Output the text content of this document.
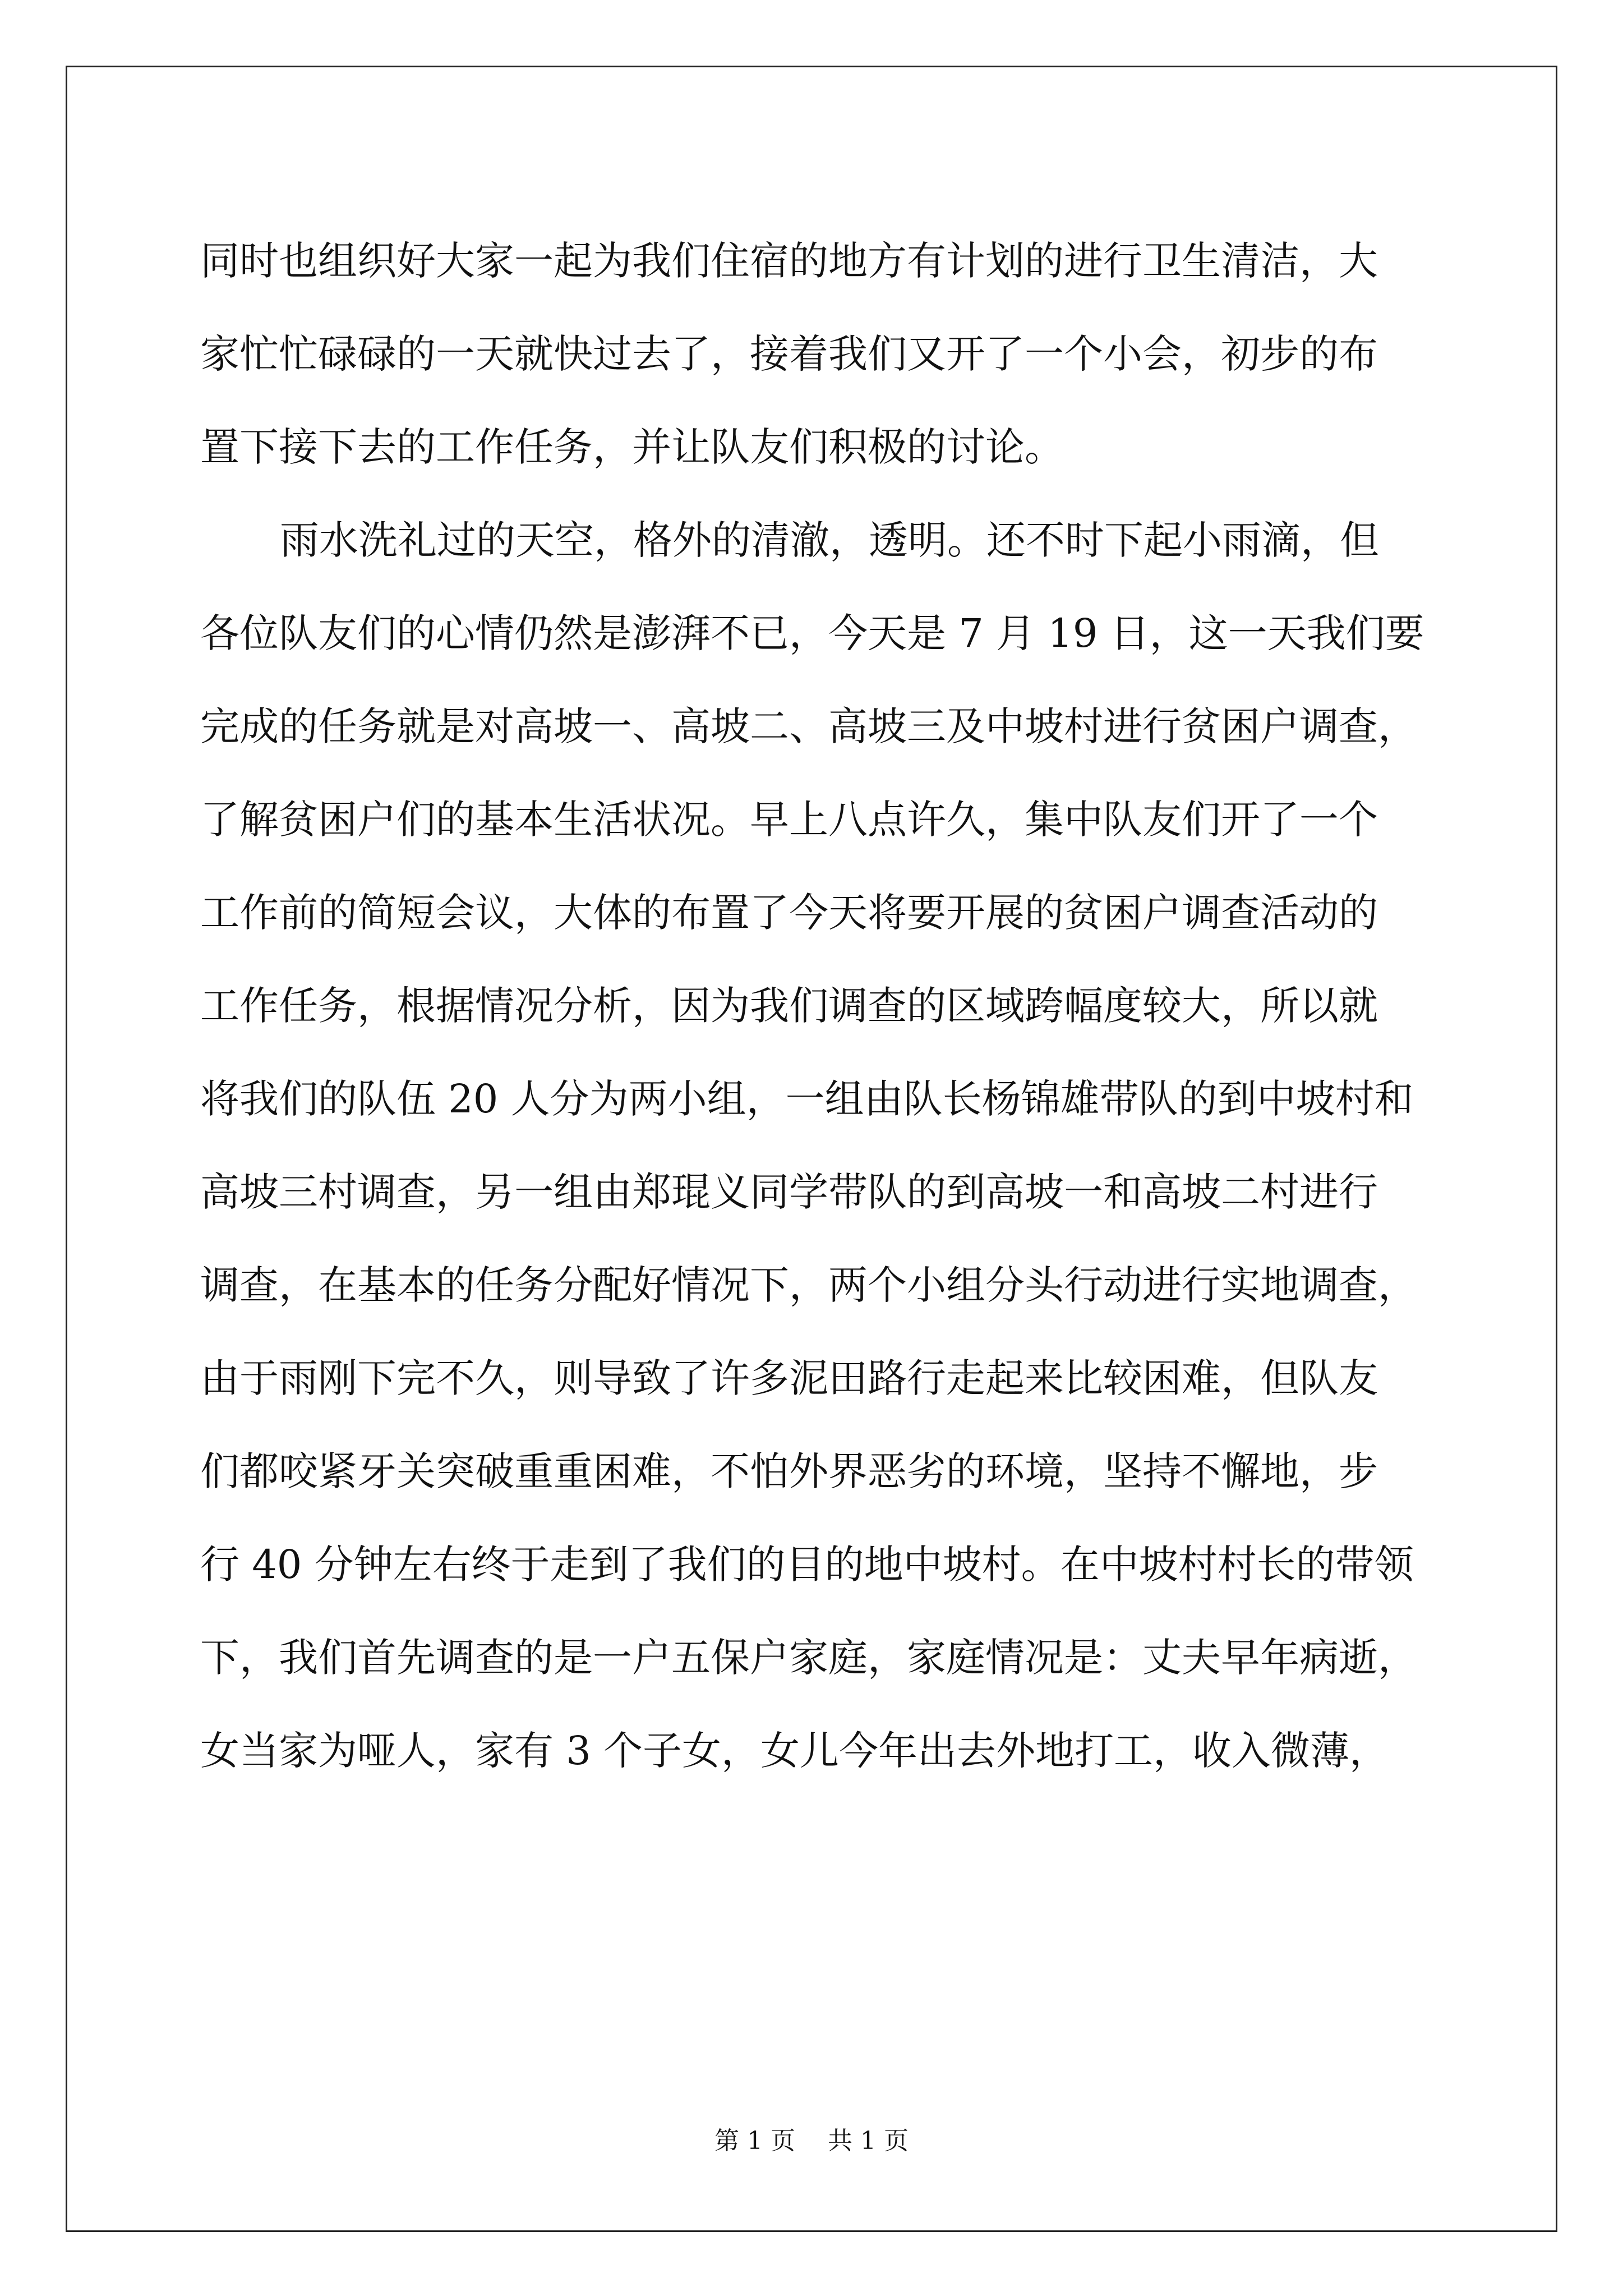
同时也组织好大家一起为我们住宿的地方有计划的进行卫生清洁，大
家忙忙碌碌的一天就快过去了，接着我们又开了一个小会，初步的布
置下接下去的工作任务，并让队友们积极的讨论。
雨水洗礼过的天空，格外的清澈，透明。还不时下起小雨滴，但
各位队友们的心情仍然是澎湃不已，今天是 7 月 19 日，这一天我们要
完成的任务就是对高坡一、高坡二、高坡三及中坡村进行贫困户调查，
了解贫困户们的基本生活状况。早上八点许久，集中队友们开了一个
工作前的简短会议，大体的布置了今天将要开展的贫困户调查活动的
工作任务，根据情况分析，因为我们调查的区域跨幅度较大，所以就
将我们的队伍 20 人分为两小组，一组由队长杨锦雄带队的到中坡村和
高坡三村调查，另一组由郑琨义同学带队的到高坡一和高坡二村进行
调查，在基本的任务分配好情况下，两个小组分头行动进行实地调查，
由于雨刚下完不久，则导致了许多泥田路行走起来比较困难，但队友
们都咬紧牙关突破重重困难，不怕外界恶劣的环境，坚持不懈地，步
行 40 分钟左右终于走到了我们的目的地中坡村。在中坡村村长的带领
下，我们首先调查的是一户五保户家庭，家庭情况是：丈夫早年病逝，
女当家为哑人，家有 3 个子女，女儿今年出去外地打工，收入微薄，
第 1 页 共 1 页
